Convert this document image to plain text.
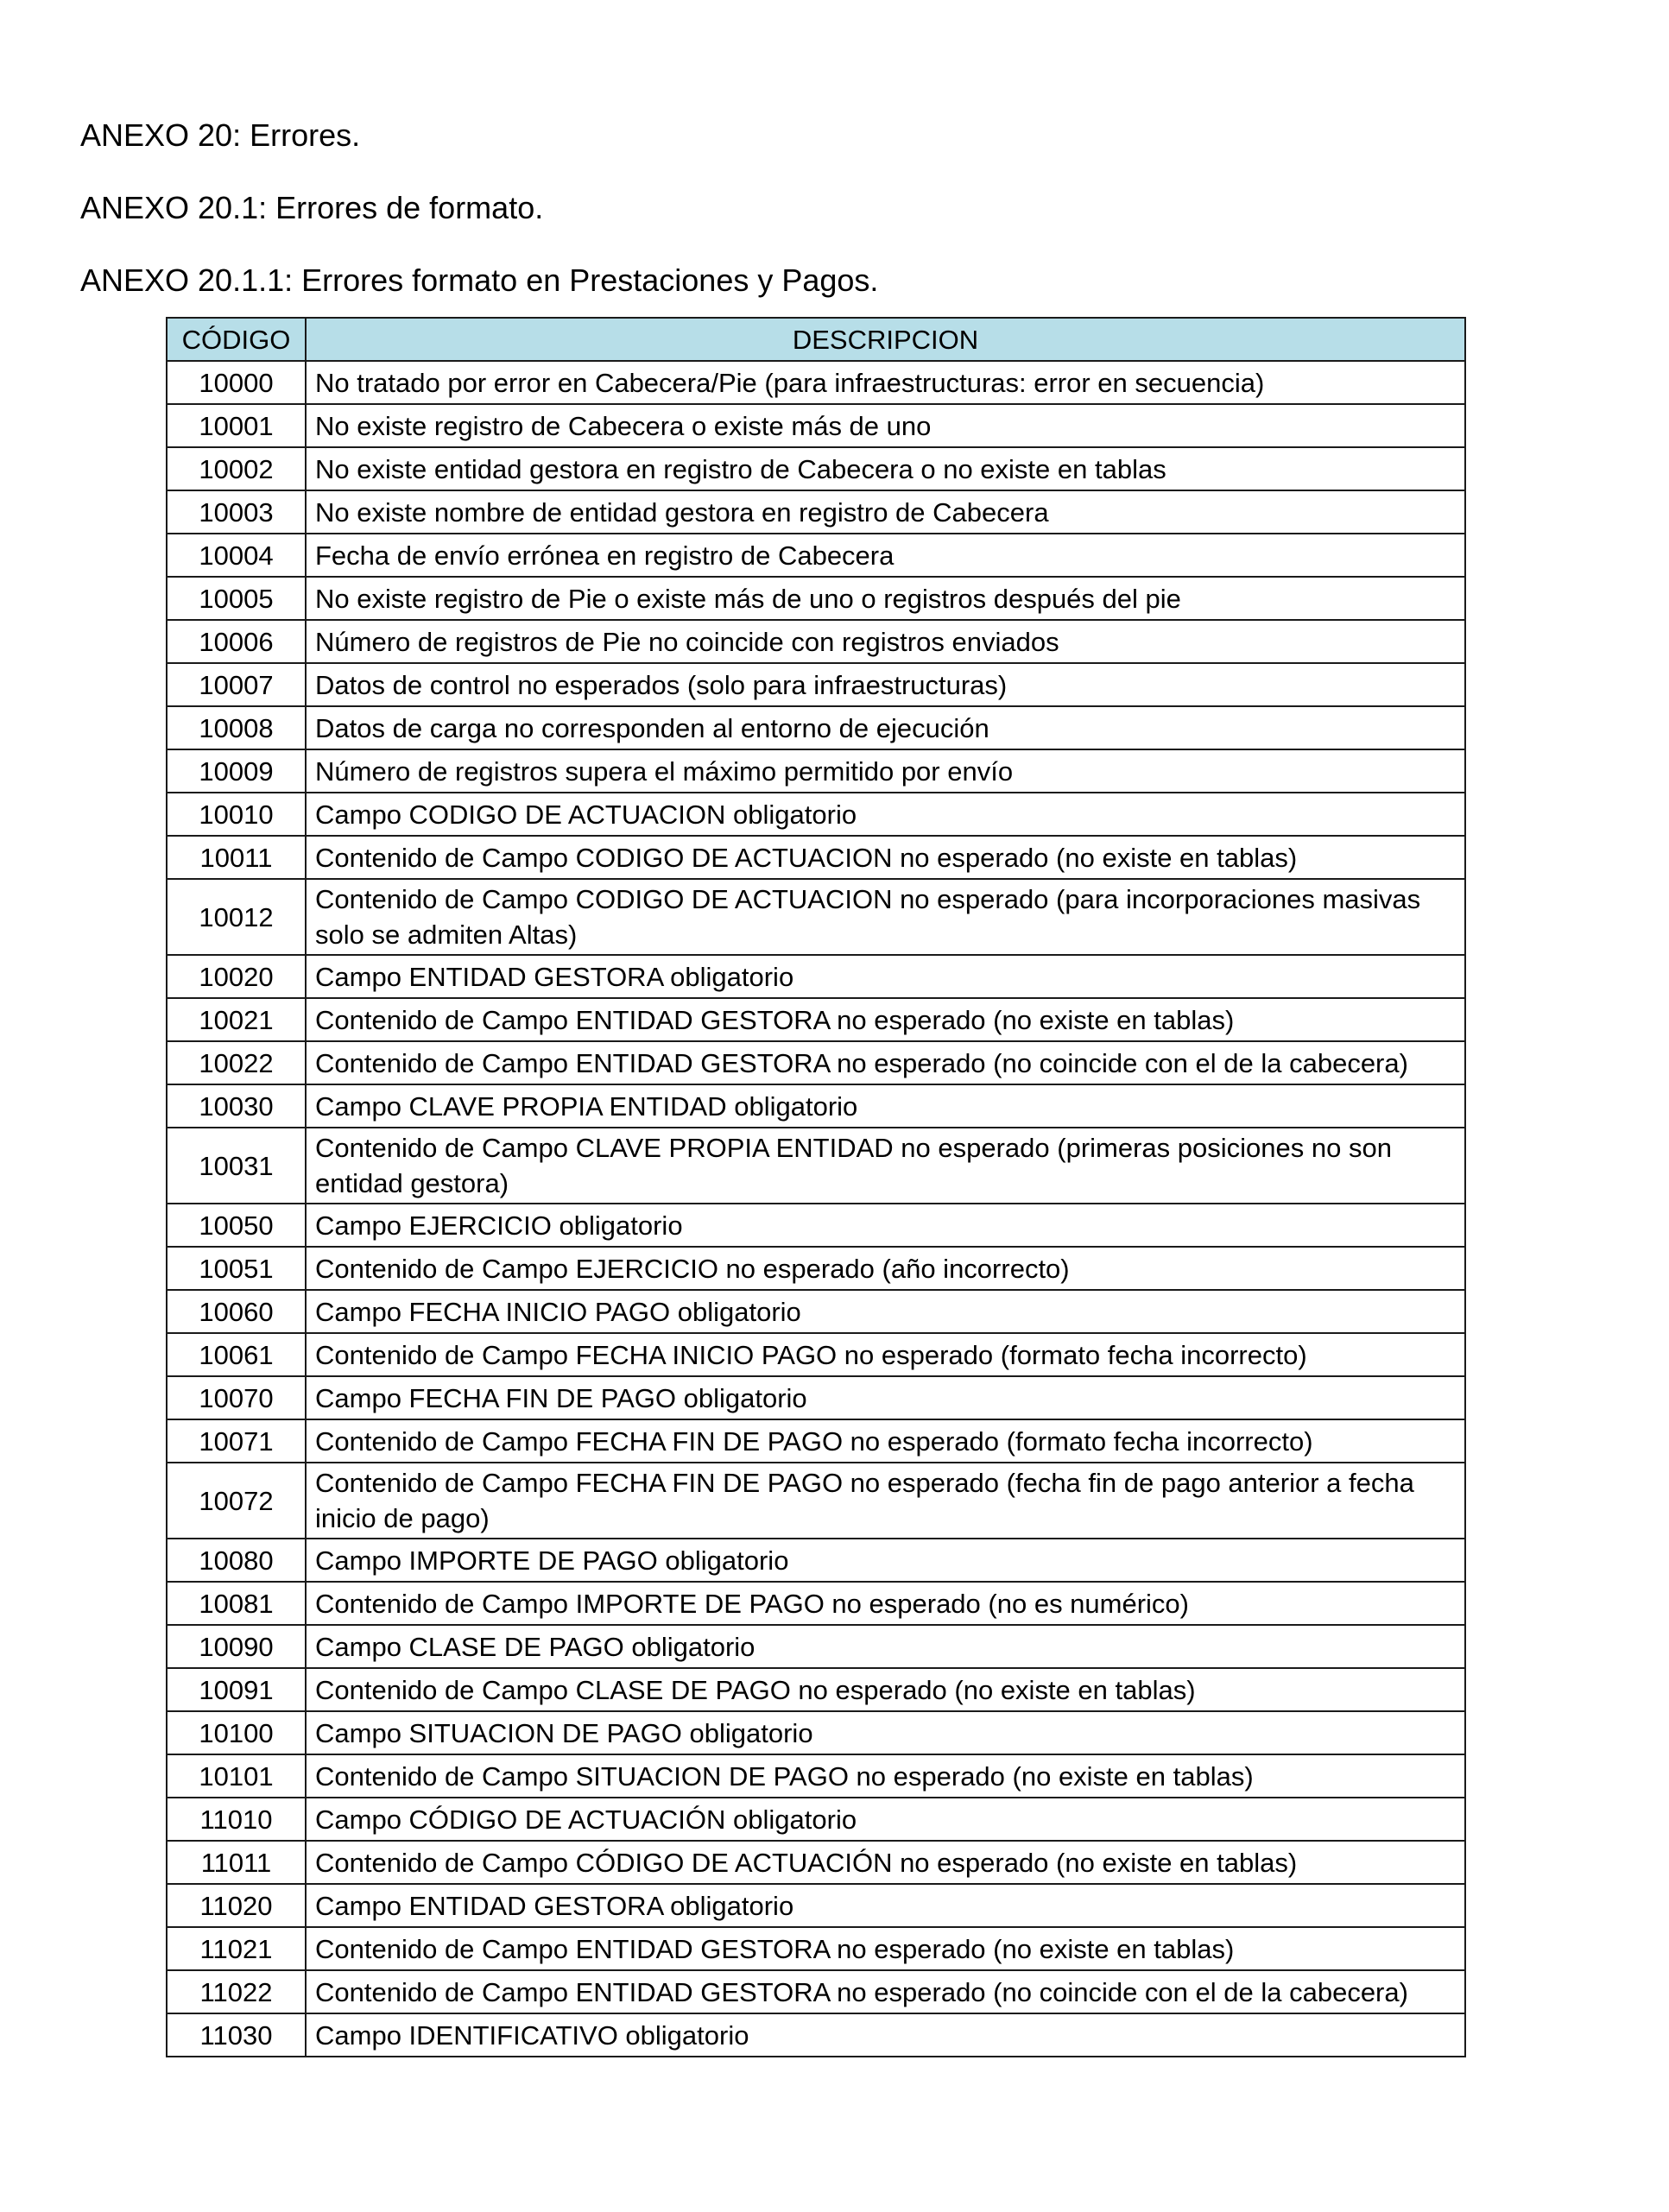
ANEXO 20: Errores.
ANEXO 20.1: Errores de formato.
ANEXO 20.1.1: Errores formato en Prestaciones y Pagos.
CÓDIGO	DESCRIPCION
10000	No tratado por error en Cabecera/Pie (para infraestructuras: error en secuencia)
10001	No existe registro de Cabecera o existe más de uno
10002	No existe entidad gestora en registro de Cabecera o no existe en tablas
10003	No existe nombre de entidad gestora en registro de Cabecera
10004	Fecha de envío errónea en registro de Cabecera
10005	No existe registro de Pie o existe más de uno o registros después del pie
10006	Número de registros de Pie no coincide con registros enviados
10007	Datos de control no esperados (solo para infraestructuras)
10008	Datos de carga no corresponden al entorno de ejecución
10009	Número de registros supera el máximo permitido por envío
10010	Campo CODIGO DE ACTUACION obligatorio
10011	Contenido de Campo CODIGO DE ACTUACION no esperado (no existe en tablas)
10012	Contenido de Campo CODIGO DE ACTUACION no esperado (para incorporaciones masivas solo se admiten Altas)
10020	Campo ENTIDAD GESTORA obligatorio
10021	Contenido de Campo ENTIDAD GESTORA no esperado (no existe en tablas)
10022	Contenido de Campo ENTIDAD GESTORA no esperado (no coincide con el de la cabecera)
10030	Campo CLAVE PROPIA ENTIDAD obligatorio
10031	Contenido de Campo CLAVE PROPIA ENTIDAD no esperado (primeras posiciones no son entidad gestora)
10050	Campo EJERCICIO obligatorio
10051	Contenido de Campo EJERCICIO no esperado (año incorrecto)
10060	Campo FECHA INICIO PAGO obligatorio
10061	Contenido de Campo FECHA INICIO PAGO no esperado (formato fecha incorrecto)
10070	Campo FECHA FIN DE PAGO obligatorio
10071	Contenido de Campo FECHA FIN DE PAGO no esperado (formato fecha incorrecto)
10072	Contenido de Campo FECHA FIN DE PAGO no esperado (fecha fin de pago anterior a fecha inicio de pago)
10080	Campo IMPORTE DE PAGO obligatorio
10081	Contenido de Campo IMPORTE DE PAGO no esperado (no es numérico)
10090	Campo CLASE DE PAGO obligatorio
10091	Contenido de Campo CLASE DE PAGO no esperado (no existe en tablas)
10100	Campo SITUACION DE PAGO obligatorio
10101	Contenido de Campo SITUACION DE PAGO no esperado (no existe en tablas)
11010	Campo CÓDIGO DE ACTUACIÓN obligatorio
11011	Contenido de Campo CÓDIGO DE ACTUACIÓN no esperado (no existe en tablas)
11020	Campo ENTIDAD GESTORA obligatorio
11021	Contenido de Campo ENTIDAD GESTORA no esperado (no existe en tablas)
11022	Contenido de Campo ENTIDAD GESTORA no esperado (no coincide con el de la cabecera)
11030	Campo IDENTIFICATIVO obligatorio
